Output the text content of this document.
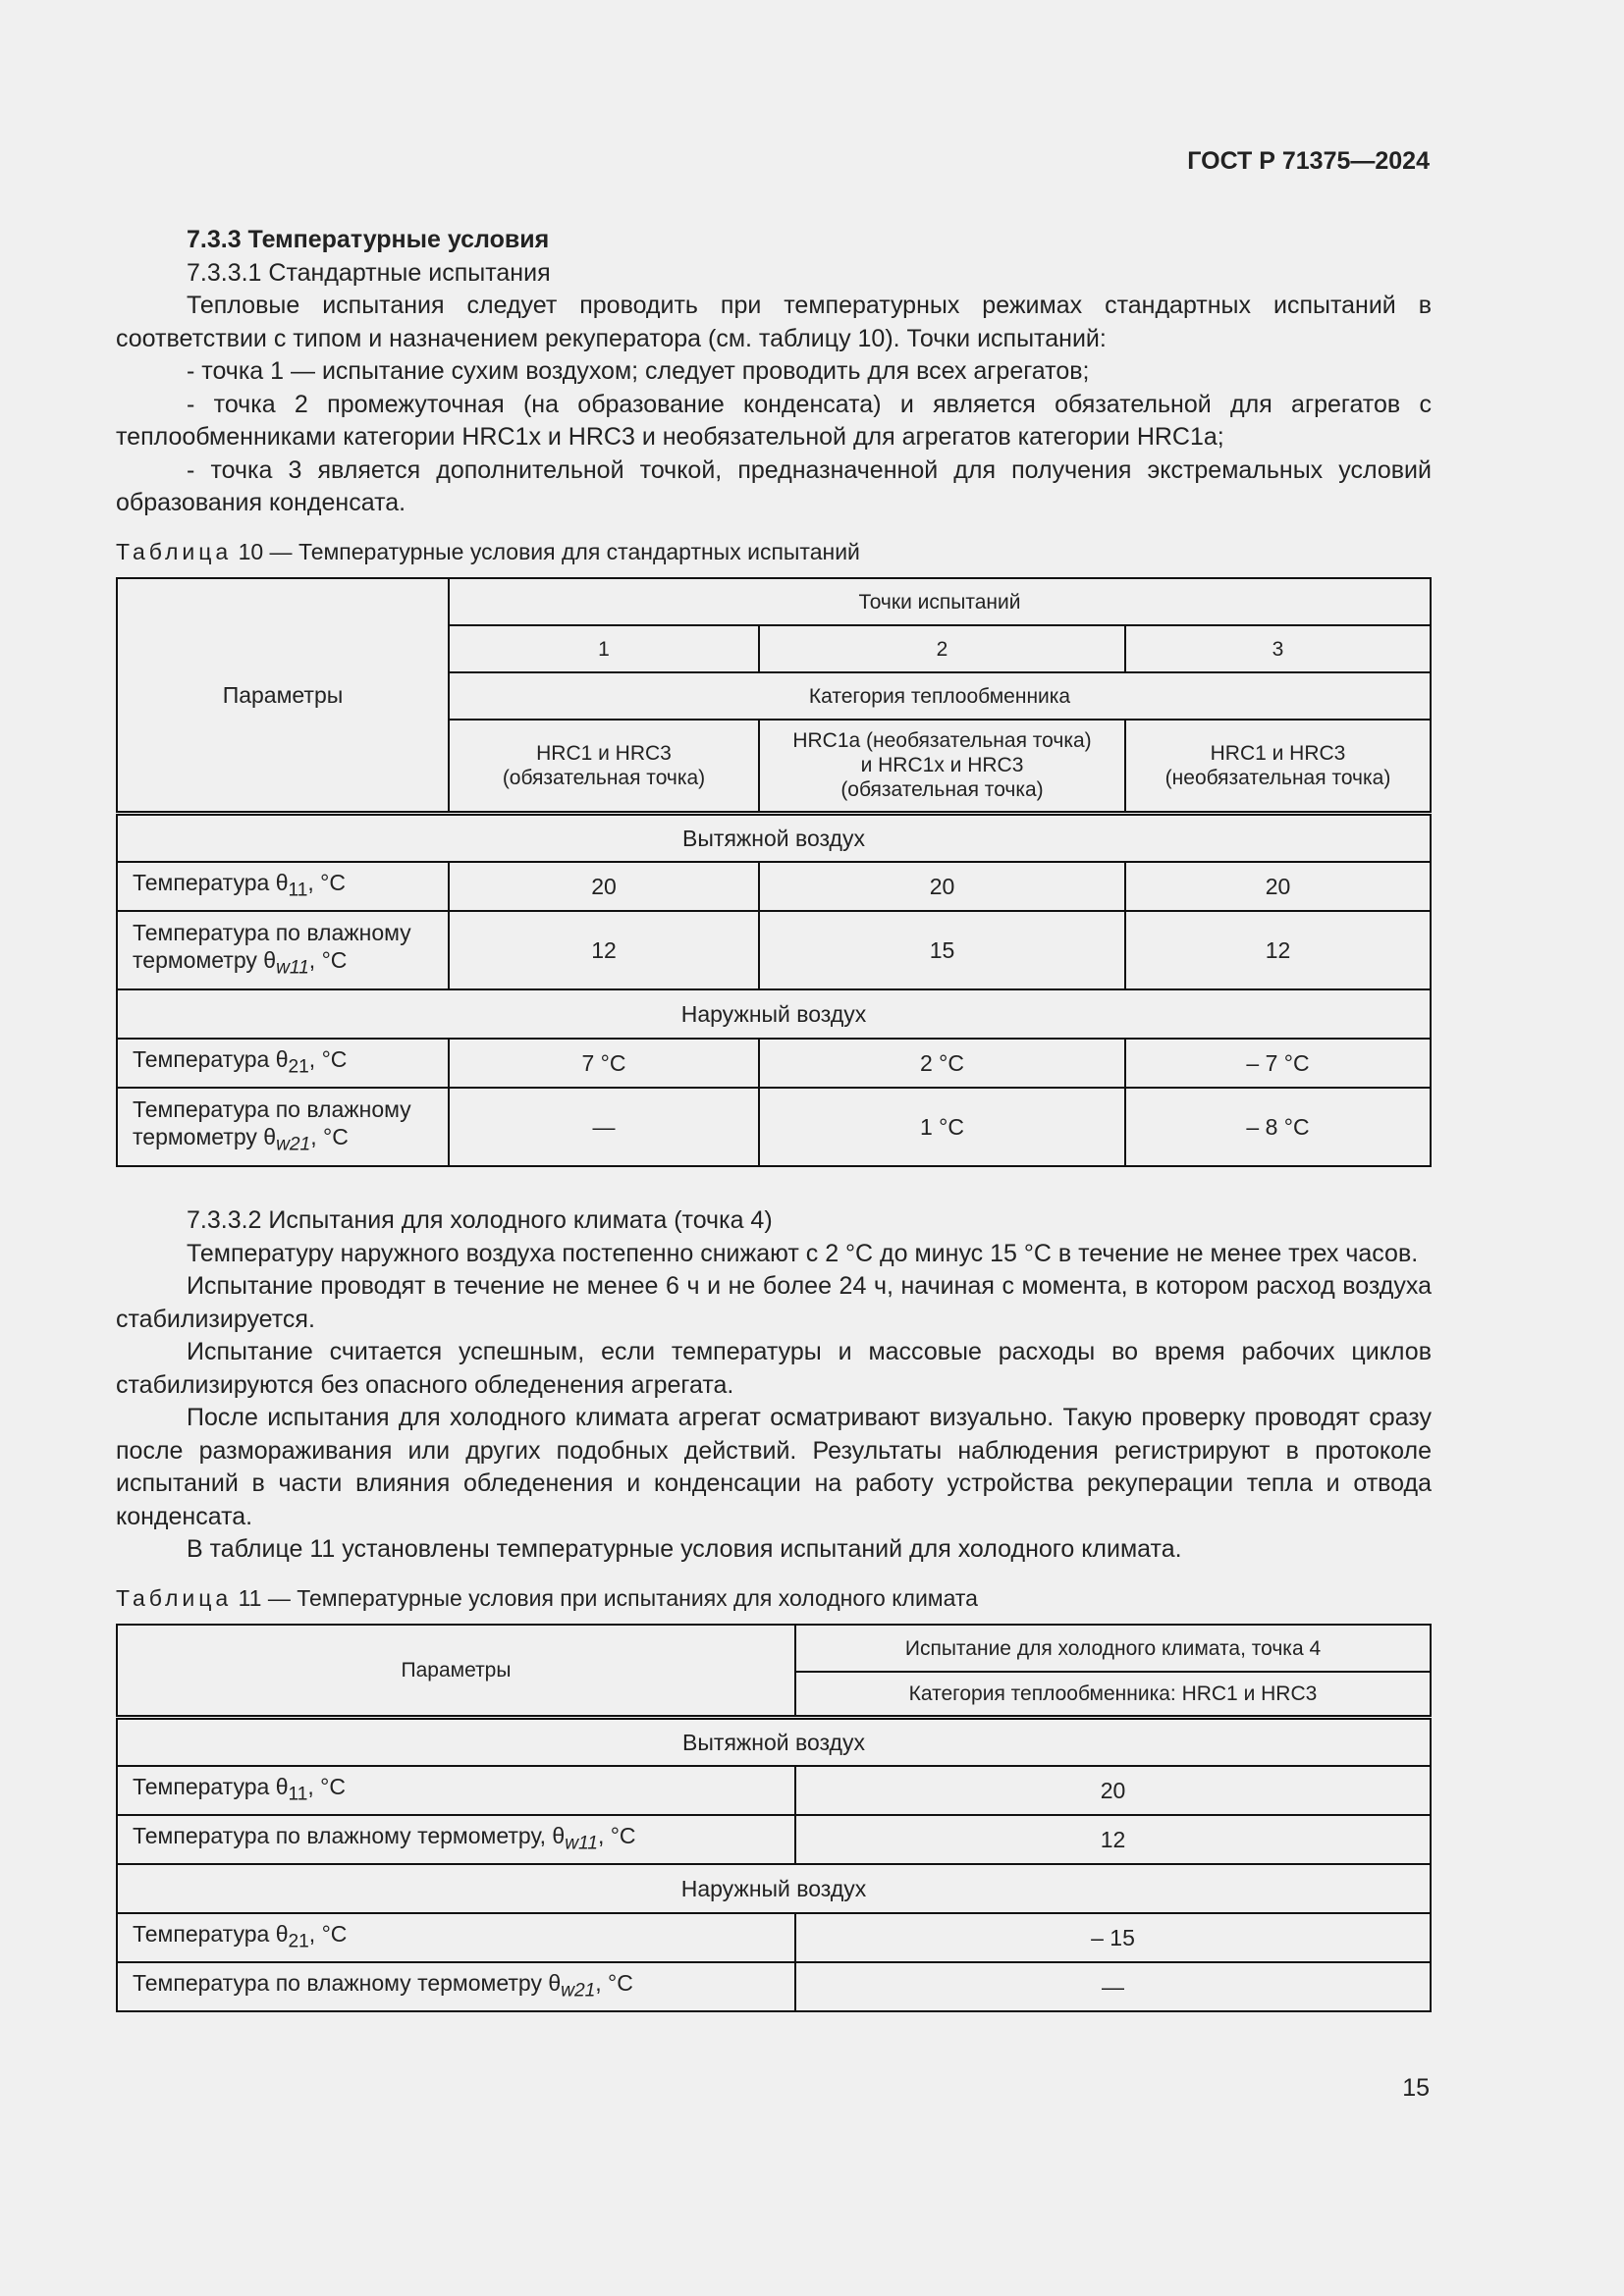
ГОСТ Р 71375—2024

7.3.3 Температурные условия

7.3.3.1 Стандартные испытания

Тепловые испытания следует проводить при температурных режимах стандартных испытаний в соответствии с типом и назначением рекуператора (см. таблицу 10). Точки испытаний:

- точка 1 — испытание сухим воздухом; следует проводить для всех агрегатов;

- точка 2 промежуточная (на образование конденсата) и является обязательной для агрегатов с теплообменниками категории HRC1x и HRC3 и необязательной для агрегатов категории HRC1a;

- точка 3 является дополнительной точкой, предназначенной для получения экстремальных условий образования конденсата.

Таблица 10 — Температурные условия для стандартных испытаний
Параметры	Точки испытаний		
	1	2	3
	Категория теплообменника		
	HRC1 и HRC3
(обязательная точка)	HRC1a (необязательная точка)
и HRC1x и HRC3
(обязательная точка)	HRC1 и HRC3
(необязательная точка)
Вытяжной воздух			
Температура $\theta_{11}$, °С	20	20	20
Температура по влажному
термометру $\theta_{w11}$, °С	12	15	12
Наружный воздух			
Температура $\theta_{21}$, °С	7 °С	2 °С	– 7 °С
Температура по влажному
термометру $\theta_{w21}$, °С	—	1 °С	– 8 °С

7.3.3.2 Испытания для холодного климата (точка 4)

Температуру наружного воздуха постепенно снижают с 2 °С до минус 15 °С в течение не менее трех часов.

Испытание проводят в течение не менее 6 ч и не более 24 ч, начиная с момента, в котором расход воздуха стабилизируется.

Испытание считается успешным, если температуры и массовые расходы во время рабочих циклов стабилизируются без опасного обледенения агрегата.

После испытания для холодного климата агрегат осматривают визуально. Такую проверку проводят сразу после размораживания или других подобных действий. Результаты наблюдения регистрируют в протоколе испытаний в части влияния обледенения и конденсации на работу устройства рекуперации тепла и отвода конденсата.

В таблице 11 установлены температурные условия испытаний для холодного климата.

Таблица 11 — Температурные условия при испытаниях для холодного климата
Параметры	Испытание для холодного климата, точка 4
	Категория теплообменника: HRC1 и HRC3
Вытяжной воздух	
Температура $\theta_{11}$, °С	20
Температура по влажному термометру, $\theta_{w11}$, °С	12
Наружный воздух	
Температура $\theta_{21}$, °С	– 15
Температура по влажному термометру $\theta_{w21}$, °С	—
15
